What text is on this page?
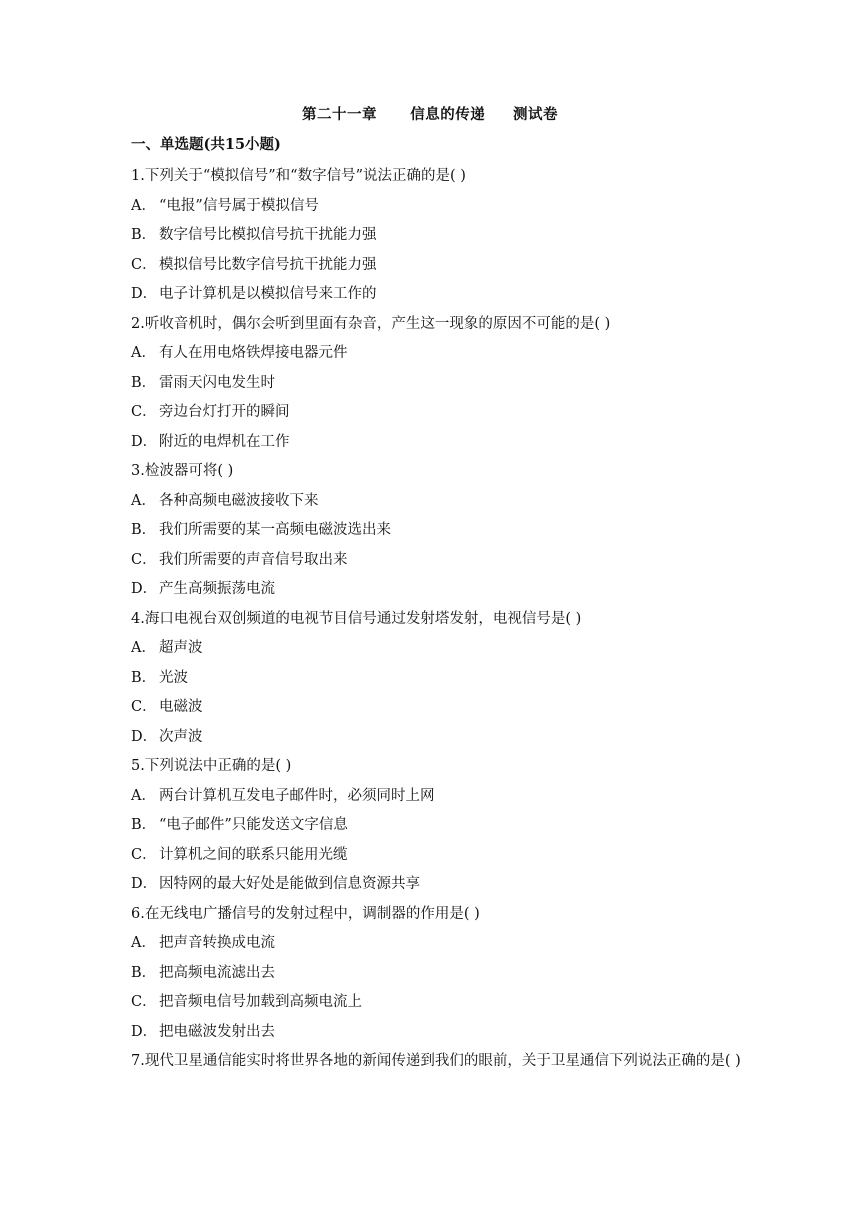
第二十一章      信息的传递     测试卷
一、单选题(共15小题)
1.下列关于“模拟信号”和“数字信号”说法正确的是( )
A． “电报”信号属于模拟信号
B． 数字信号比模拟信号抗干扰能力强
C． 模拟信号比数字信号抗干扰能力强
D． 电子计算机是以模拟信号来工作的
2.听收音机时，偶尔会听到里面有杂音，产生这一现象的原因不可能的是( )
A． 有人在用电烙铁焊接电器元件
B． 雷雨天闪电发生时
C． 旁边台灯打开的瞬间
D． 附近的电焊机在工作
3.检波器可将( )
A． 各种高频电磁波接收下来
B． 我们所需要的某一高频电磁波选出来
C． 我们所需要的声音信号取出来
D． 产生高频振荡电流
4.海口电视台双创频道的电视节目信号通过发射塔发射，电视信号是( )
A． 超声波
B． 光波
C． 电磁波
D． 次声波
5.下列说法中正确的是( )
A． 两台计算机互发电子邮件时，必须同时上网
B． “电子邮件”只能发送文字信息
C． 计算机之间的联系只能用光缆
D． 因特网的最大好处是能做到信息资源共享
6.在无线电广播信号的发射过程中，调制器的作用是( )
A． 把声音转换成电流
B． 把高频电流滤出去
C． 把音频电信号加载到高频电流上
D． 把电磁波发射出去
7.现代卫星通信能实时将世界各地的新闻传递到我们的眼前，关于卫星通信下列说法正确的是( )
